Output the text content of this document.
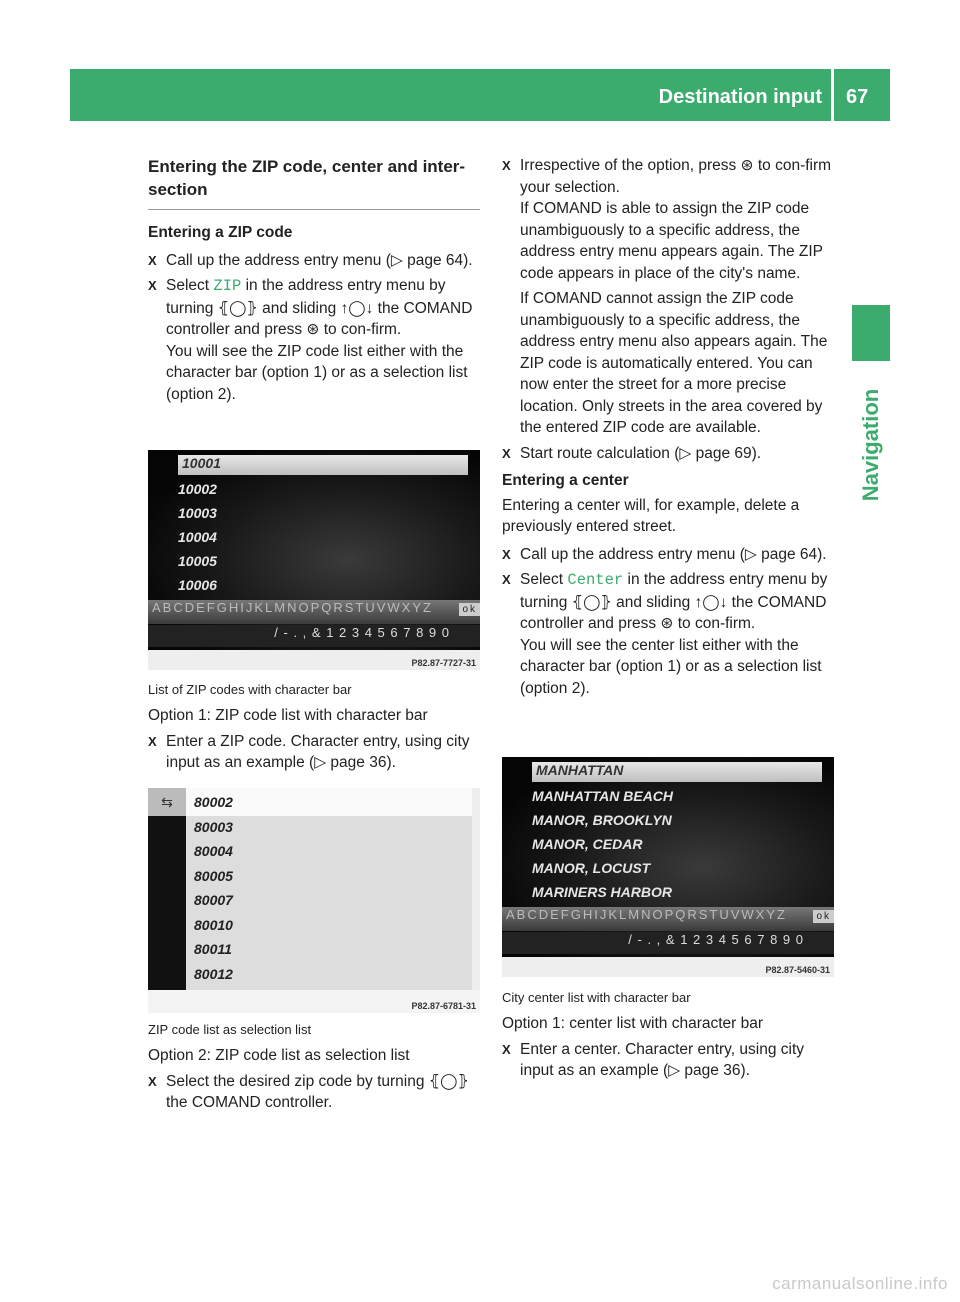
Destination input 67
Navigation
Entering the ZIP code, center and inter-section
Entering a ZIP code
X Call up the address entry menu (▷ page 64).
X Select ZIP in the address entry menu by turning ⦃◯⦄ and sliding ↑◯↓ the COMAND controller and press ⊛ to con-firm.
You will see the ZIP code list either with the character bar (option 1) or as a selection list (option 2).
10001
10002
10003
10004
10005
10006
ABCDEFGHIJKLMNOPQRSTUVWXYZ	ok
/ - . , & 1 2 3 4 5 6 7 8 9 0
P82.87-7727-31
List of ZIP codes with character bar
Option 1: ZIP code list with character bar
X Enter a ZIP code. Character entry, using city input as an example (▷ page 36).
⇆	80002
80003
80004
80005
80007
80010
80011
80012
P82.87-6781-31
ZIP code list as selection list
Option 2: ZIP code list as selection list
X Select the desired zip code by turning ⦃◯⦄ the COMAND controller.
X Irrespective of the option, press ⊛ to con-firm your selection.
If COMAND is able to assign the ZIP code unambiguously to a specific address, the address entry menu appears again. The ZIP code appears in place of the city's name.
If COMAND cannot assign the ZIP code unambiguously to a specific address, the address entry menu also appears again. The ZIP code is automatically entered. You can now enter the street for a more precise location. Only streets in the area covered by the entered ZIP code are available.
X Start route calculation (▷ page 69).
Entering a center
Entering a center will, for example, delete a previously entered street.
X Call up the address entry menu (▷ page 64).
X Select Center in the address entry menu by turning ⦃◯⦄ and sliding ↑◯↓ the COMAND controller and press ⊛ to con-firm.
You will see the center list either with the character bar (option 1) or as a selection list (option 2).
MANHATTAN
MANHATTAN BEACH
MANOR, BROOKLYN
MANOR, CEDAR
MANOR, LOCUST
MARINERS HARBOR
ABCDEFGHIJKLMNOPQRSTUVWXYZ	ok
/ - . , & 1 2 3 4 5 6 7 8 9 0
P82.87-5460-31
City center list with character bar
Option 1: center list with character bar
X Enter a center. Character entry, using city input as an example (▷ page 36).
carmanualsonline.info
